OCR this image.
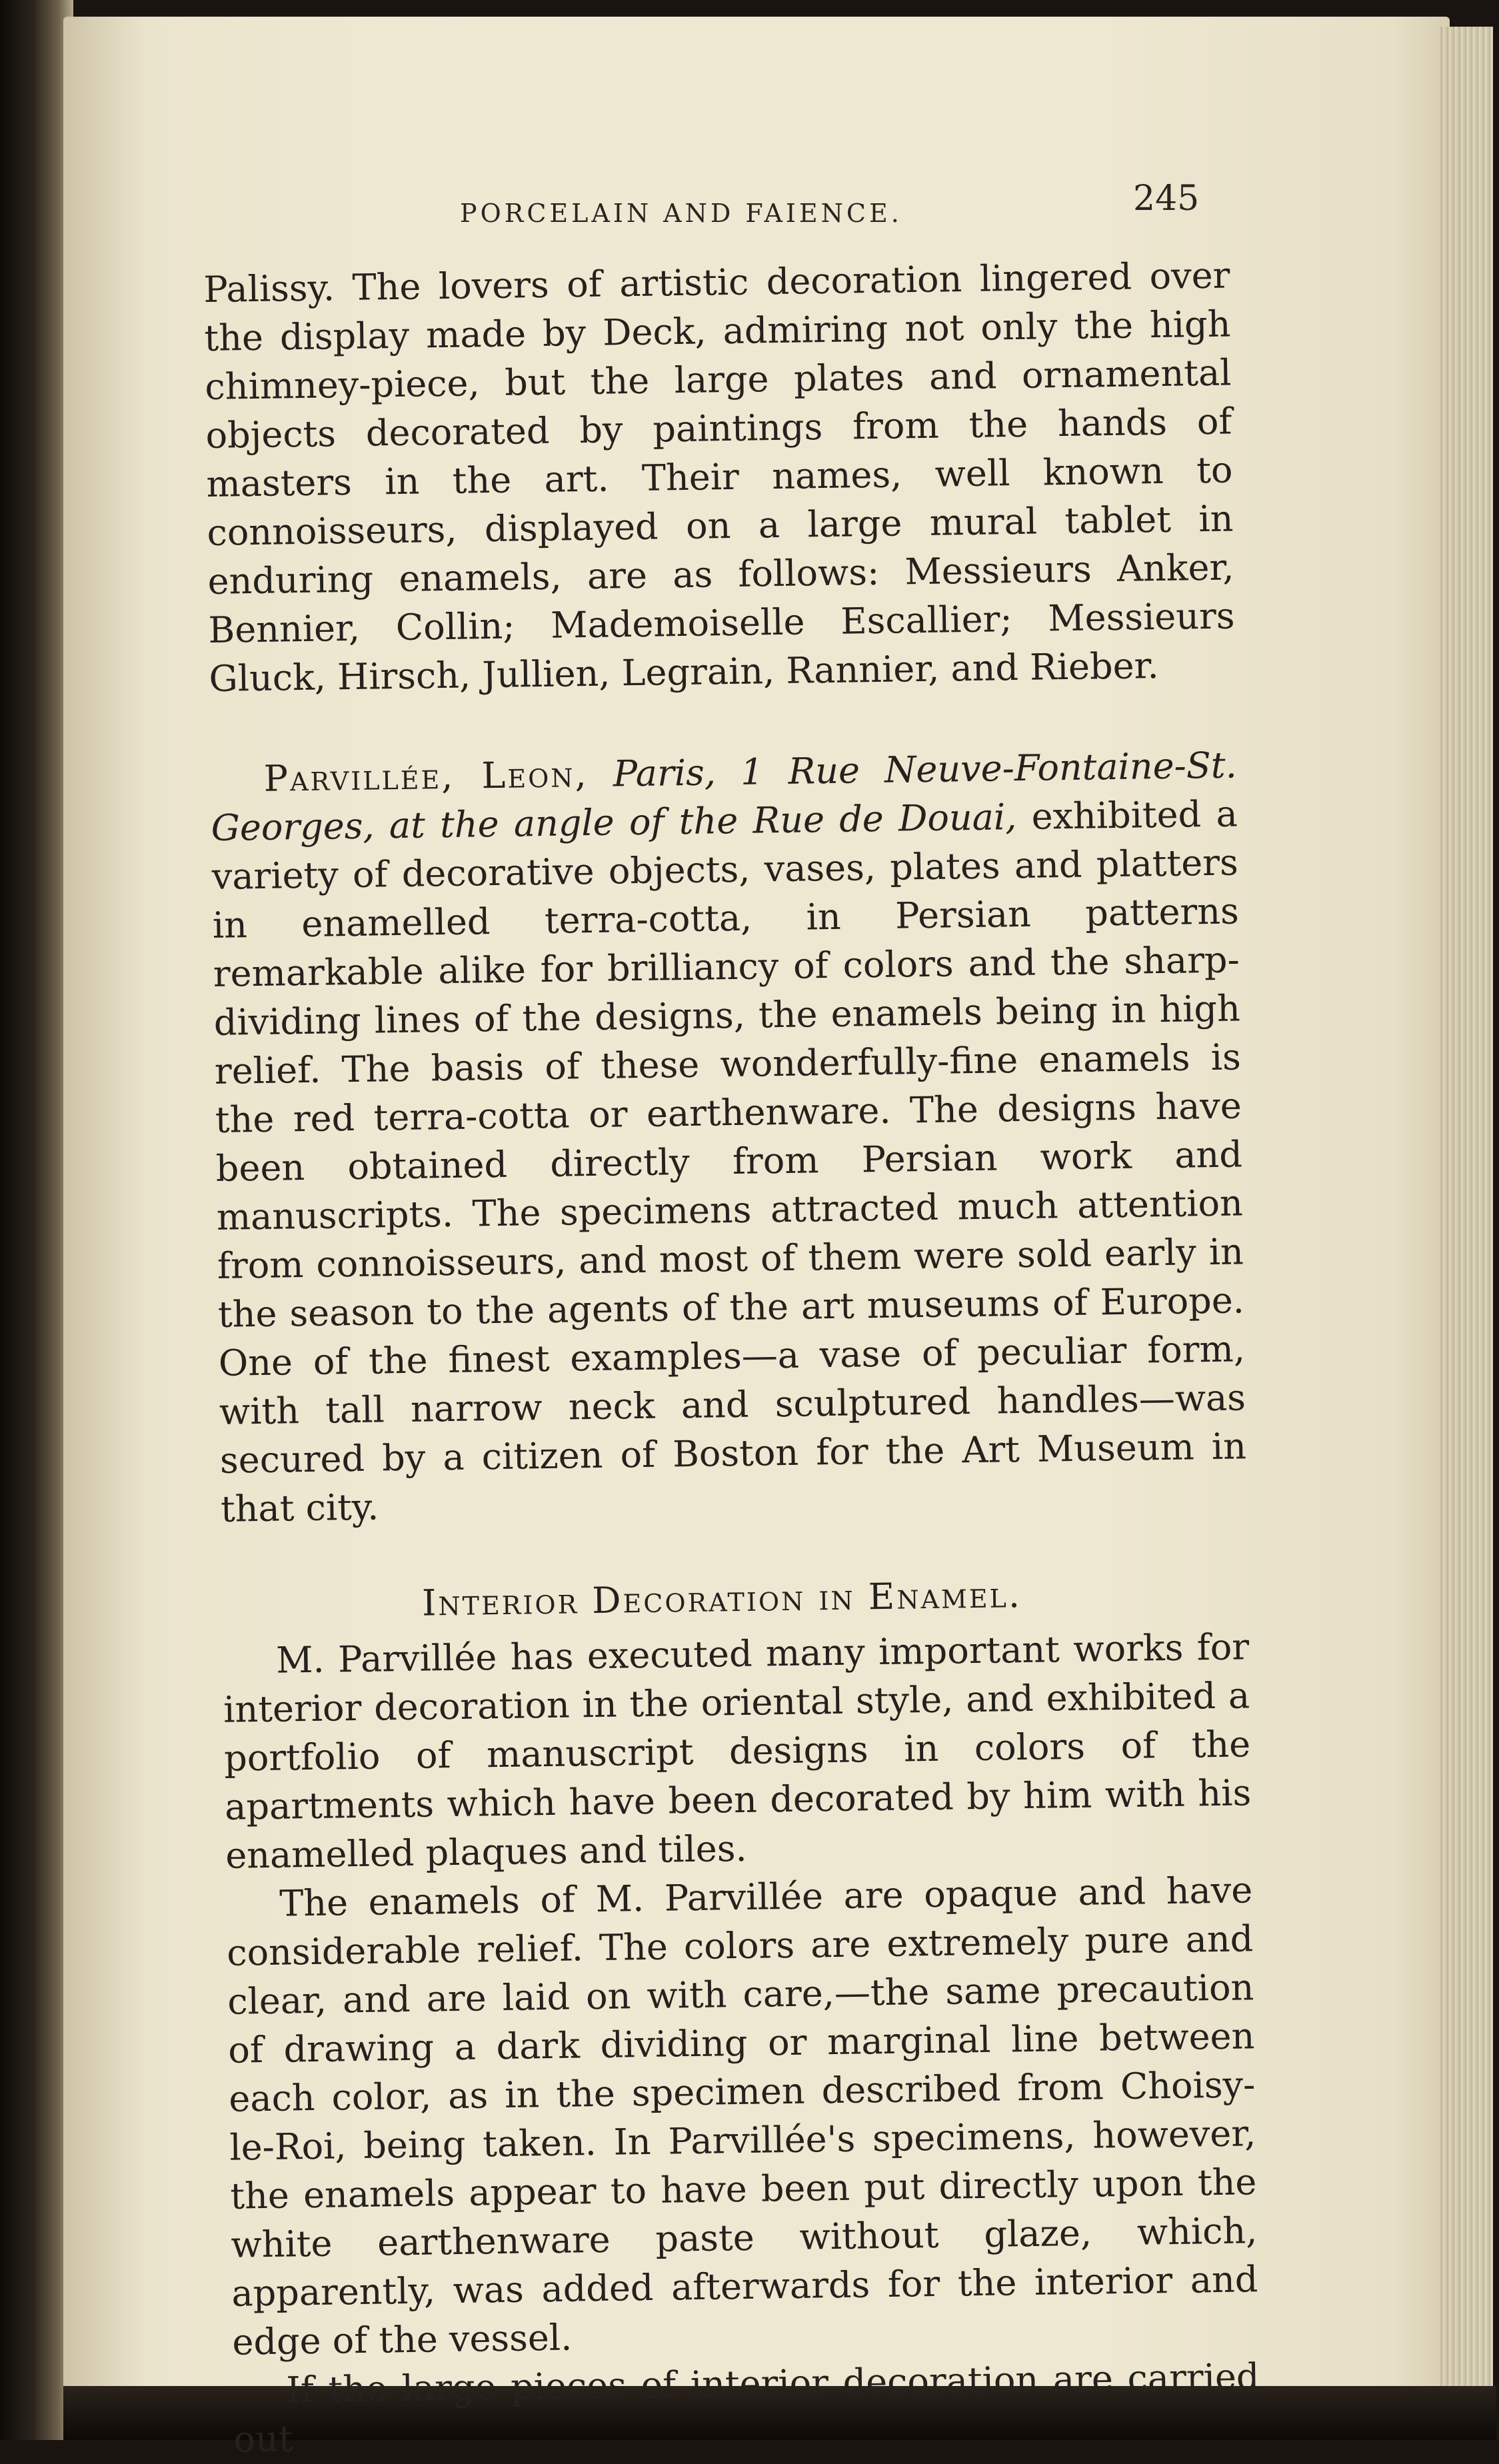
PORCELAIN AND FAIENCE.	245

Palissy. The lovers of artistic decoration lingered over the display made by Deck, admiring not only the high chimney-piece, but the large plates and ornamental objects decorated by paintings from the hands of masters in the art. Their names, well known to connoisseurs, displayed on a large mural tablet in enduring enamels, are as follows: Messieurs Anker, Bennier, Collin; Mademoiselle Escallier; Messieurs Gluck, Hirsch, Jullien, Legrain, Rannier, and Rieber.

Parvillée, Leon, Paris, 1 Rue Neuve-Fontaine-St. Georges, at the angle of the Rue de Douai, exhibited a variety of decorative objects, vases, plates and platters in enamelled terra-cotta, in Persian patterns remarkable alike for brilliancy of colors and the sharp-dividing lines of the designs, the enamels being in high relief. The basis of these wonderfully-fine enamels is the red terra-cotta or earthenware. The designs have been obtained directly from Persian work and manuscripts. The specimens attracted much attention from connoisseurs, and most of them were sold early in the season to the agents of the art museums of Europe. One of the finest examples—a vase of peculiar form, with tall narrow neck and sculptured handles—was secured by a citizen of Boston for the Art Museum in that city.

Interior Decoration in Enamel.

M. Parvillée has executed many important works for interior decoration in the oriental style, and exhibited a portfolio of manuscript designs in colors of the apartments which have been decorated by him with his enamelled plaques and tiles.

The enamels of M. Parvillée are opaque and have considerable relief. The colors are extremely pure and clear, and are laid on with care,—the same precaution of drawing a dark dividing or marginal line between each color, as in the specimen described from Choisy-le-Roi, being taken. In Parvillée's specimens, however, the enamels appear to have been put directly upon the white earthenware paste without glaze, which, apparently, was added afterwards for the interior and edge of the vessel.

If the large pieces of interior decoration are carried out
